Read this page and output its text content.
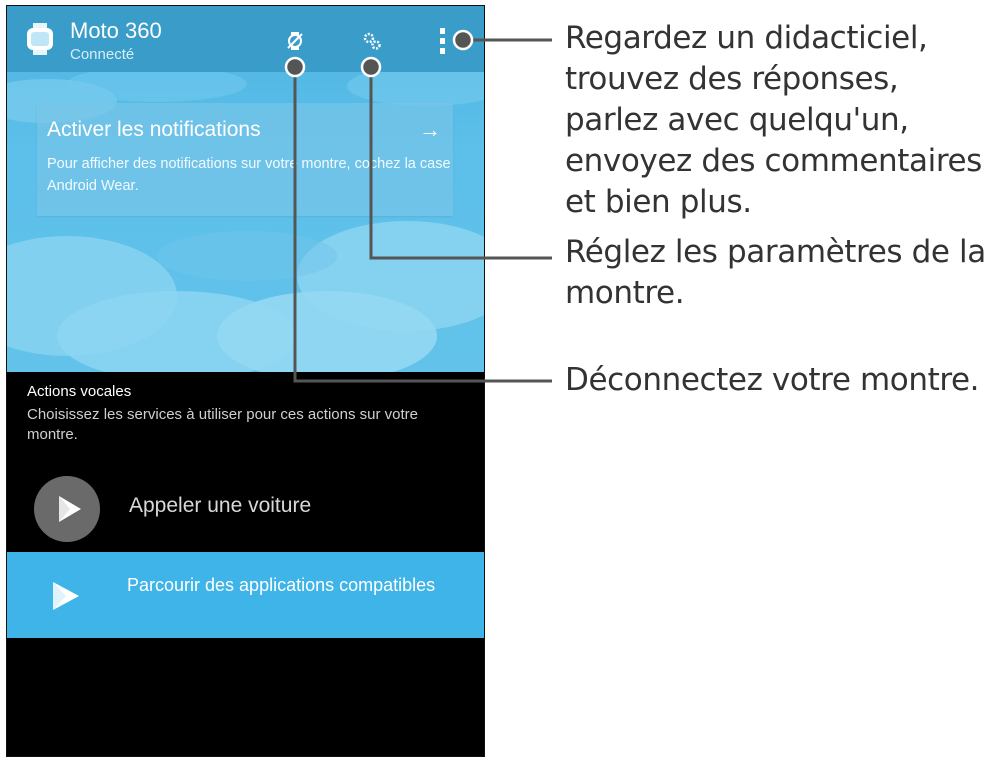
Moto 360
Connecté
Activer les notifications	→
Pour afficher des notifications sur votre montre, cochez la case Android Wear.
Actions vocales
Choisissez les services à utiliser pour ces actions sur votre montre.
Appeler une voiture
Parcourir des applications compatibles
Regardez un didacticiel, trouvez des réponses, parlez avec quelqu'un, envoyez des commentaires et bien plus.
Réglez les paramètres de la montre.
Déconnectez votre montre.
